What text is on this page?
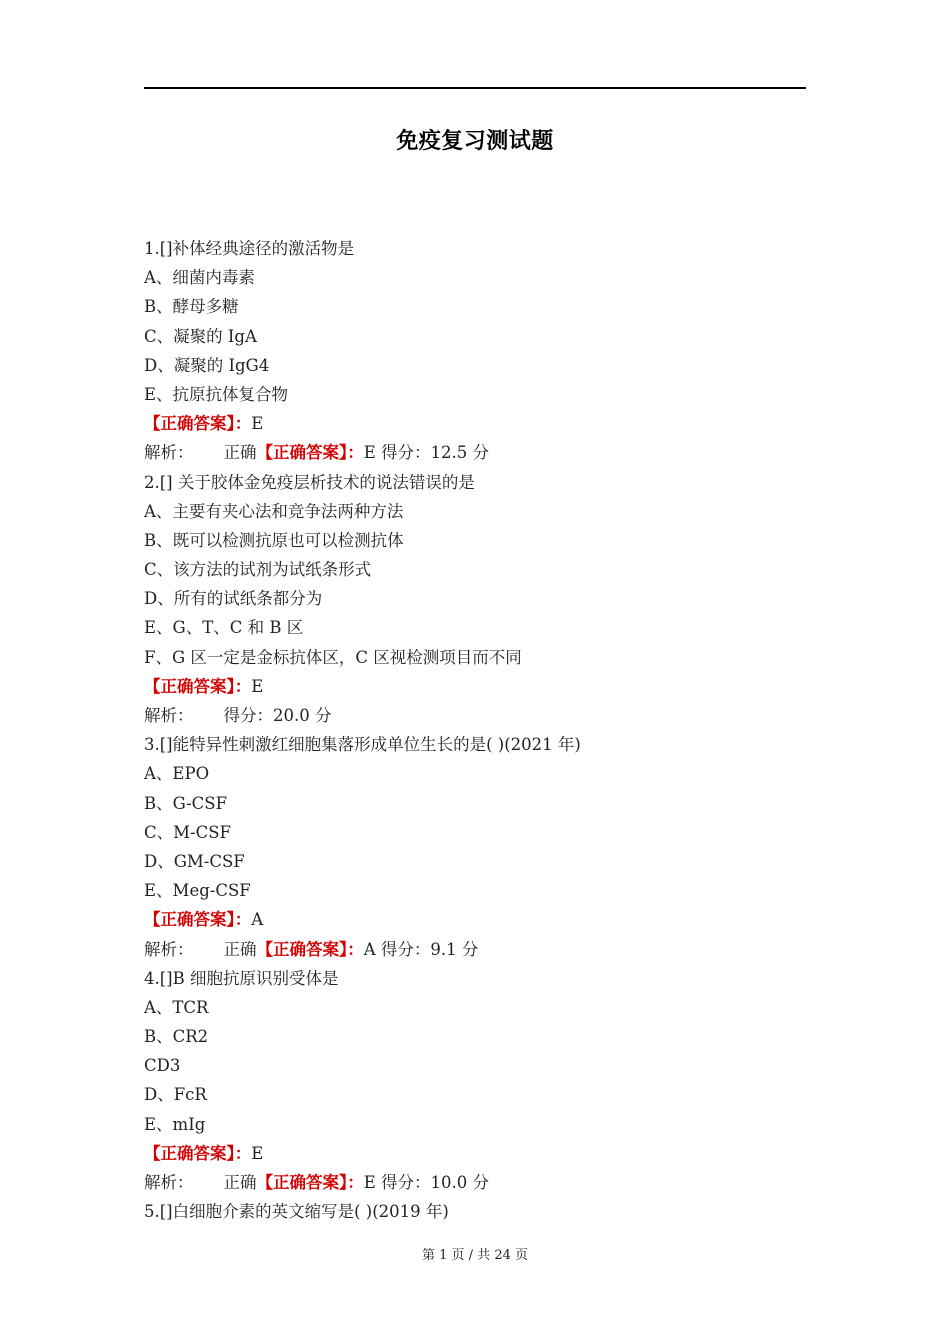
免疫复习测试题
1.[]补体经典途径的激活物是
A、细菌内毒素
B、酵母多糖
C、凝聚的 IgA
D、凝聚的 IgG4
E、抗原抗体复合物
【正确答案】：E
解析： 正确【正确答案】：E 得分：12.5 分
2.[] 关于胶体金免疫层析技术的说法错误的是
A、主要有夹心法和竞争法两种方法
B、既可以检测抗原也可以检测抗体
C、该方法的试剂为试纸条形式
D、所有的试纸条都分为
E、G、T、C 和 B 区
F、G 区一定是金标抗体区，C 区视检测项目而不同
【正确答案】：E
解析： 得分：20.0 分
3.[]能特异性刺激红细胞集落形成单位生长的是( )(2021 年)
A、EPO
B、G-CSF
C、M-CSF
D、GM-CSF
E、Meg-CSF
【正确答案】：A
解析： 正确【正确答案】：A 得分：9.1 分
4.[]B 细胞抗原识别受体是
A、TCR
B、CR2
CD3
D、FcR
E、mIg
【正确答案】：E
解析： 正确【正确答案】：E 得分：10.0 分
5.[]白细胞介素的英文缩写是( )(2019 年)
第 1 页 / 共 24 页
